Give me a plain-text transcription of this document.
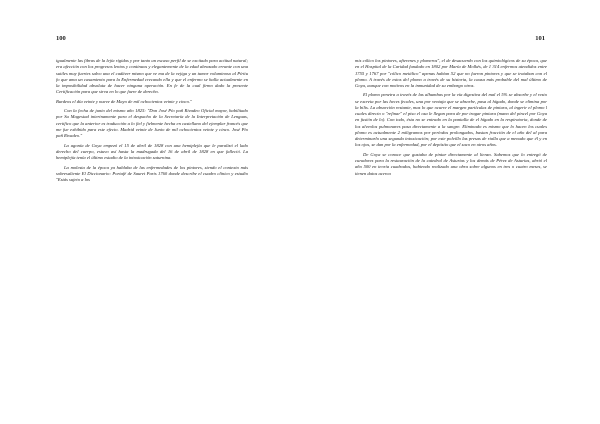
100

igualmente las fibras de la lejía rígidas y por tanto un escaso perfil de se excitado para actitud natural; era afección con los progresos lentos y continuos y elegantemente de la edad abrazado errante con una sutiles muy fuertes salvo una el cadáver mismo que ve ma de la vejiga y un tumor voluminoso al Píritu fo que ama un casamiento para la Enfermedad crecando ella y que el enfermo se halla actualmente en la imposibilidad absoluta de hacer ninguna operación. En fe de la cual firmo dado la presente Certificación para que sirva en lo que fuere de derecho.

Burdeos el día veinte y nueve de Mayo de mil ochocientos veinte y cinco."

Con la fecha de junio del mismo año 1825: "Don José Pío pañ Rivadeo Oficial mayor, habilitado por Su Magestad interinamente para el despacho de la Secretaría de la Interpretación de Lenguas, certifico que la anterior es traducción a lo fiel y fielmente hecha en castellano del ejemplar francés que me fue exhibido para este efecto. Madrid veinte de Junio de mil ochocientos veinte y cinco. José Pío pañ Rivadeo."

La agonía de Goya empezó el 15 de abril de 1828 con una hemiplejía que le paralizó el lado derecho del cuerpo, estuvo así hasta la madrugada del 16 de abril de 1828 en que falleció. La hemiplejía tenía el último estadio de la intoxicación saturnina.

La molesta de la época ya hablaba de las enfermedades de los pintores, siendo el contexto más sobresaliente El Diccionario: Portafé de Sauret Paris 1760 donde describe el cuadro clínico y estudio "Estás sujeto a los

101

mis cólico los pintores, afterenes y plomeros", el de desacuerdo con los quimiológicos de su época, que en el Hospital de la Caridad fundado en 1802 por María de Molkés, de 1 314 enfermos atendidos entre 1755 y 1767 por "cólico metálico" apenas habían 52 que no fueron pintores y que se trataban con el plomo. A través de estos del plomo a través de su historia, la causa más probable del mal último de Goya, aunque con motivos en la inmunidad de su embargo otros.

El plomo penetra a través de las alhumbas por la vía digestiva del mal el 5% se absorbe y el resto se excreta por las heces fecales, una por ventaja que se absorbe, pasa al hígado, donde se elimina por la bilis. La absorción restante, mas lo que ocurre el margen partículas de pintura, al ingerir el plomo l cuales directo o "refinar" el piso el osa le llegan para de por tragar pintura (mano del pincel por Goya en fusión de lo). Con todo, ésta no se entrado en la pantalla de el hígado en la respiratoria, donde de los alveolos pulmonares pasa directamente a la sangre. Eliminado es mismo que lo hacen los cuales plomo es actualmente 2 miligramos por períodos prolongados, bastan fracción de el año del al para determinarlo una segunda intoxicación; por este polvillo las presas de rialla que a menudo que él y en los ojos, se dan por la enfermedad, por el depósito que el saco en otros años.

De Goya se conoce que gustaba de pintar directamente al lienzo. Sabemos que lo entregó de curadores para la restauración de la catedral de Asturias y los demás de Pérez de Asturias, abrió el año 500 en teoría cuadrados, habiendo realizado una obra sobre algunos en tres o cuatro meses, se tienen datos acerca
